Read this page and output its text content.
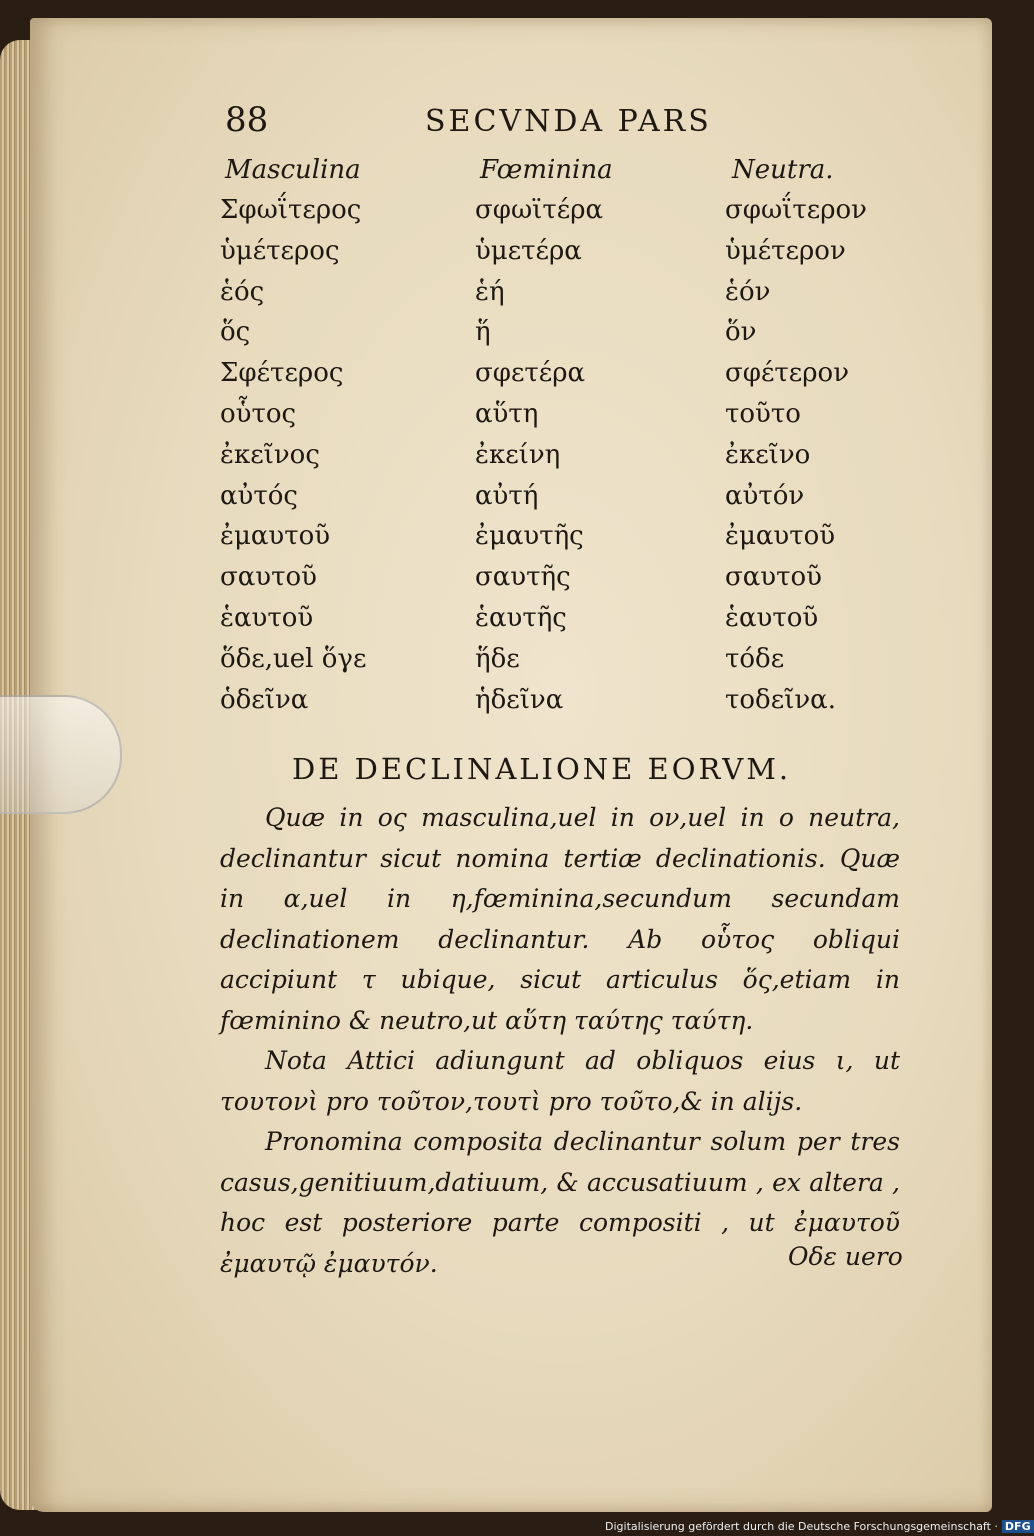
88	SECVNDA PARS
Masculina	Fœminina	Neutra.
Σφωΐτερος	σφωϊτέρα	σφωΐτερον
ὑμέτερος	ὑμετέρα	ὑμέτερον
ἑός	ἑή	ἑόν
ὅς	ἥ	ὅν
Σφέτερος	σφετέρα	σφέτερον
οὗτος	αὕτη	τοῦτο
ἐκεῖνος	ἐκείνη	ἐκεῖνο
αὐτός	αὐτή	αὐτόν
ἐμαυτοῦ	ἐμαυτῆς	ἐμαυτοῦ
σαυτοῦ	σαυτῆς	σαυτοῦ
ἑαυτοῦ	ἑαυτῆς	ἑαυτοῦ
ὅδε,uel ὅγε	ἥδε	τόδε
ὁδεῖνα	ἡδεῖνα	τοδεῖνα.
DE DECLINALIONE EORVM.

Quæ in ος masculina,uel in ον,uel in ο neutra, declinantur sicut nomina tertiæ declinationis. Quæ in α,uel in η,fœminina,secundum secundam declinationem declinantur. Ab οὗτος obliqui accipiunt τ ubique, sicut articulus ὅς,etiam in fœminino & neutro,ut αὕτη ταύτης ταύτη.

Nota Attici adiungunt ad obliquos eius ι, ut τουτονὶ pro τοῦτον,τουτὶ pro τοῦτο,& in alijs.

Pronomina composita declinantur solum per tres casus,genitiuum,datiuum, & accusatiuum , ex altera , hoc est posteriore parte compositi , ut ἐμαυτοῦ ἐμαυτῷ ἐμαυτόν.	Οδε uero
Digitalisierung gefördert durch die Deutsche Forschungsgemeinschaft · DFG
